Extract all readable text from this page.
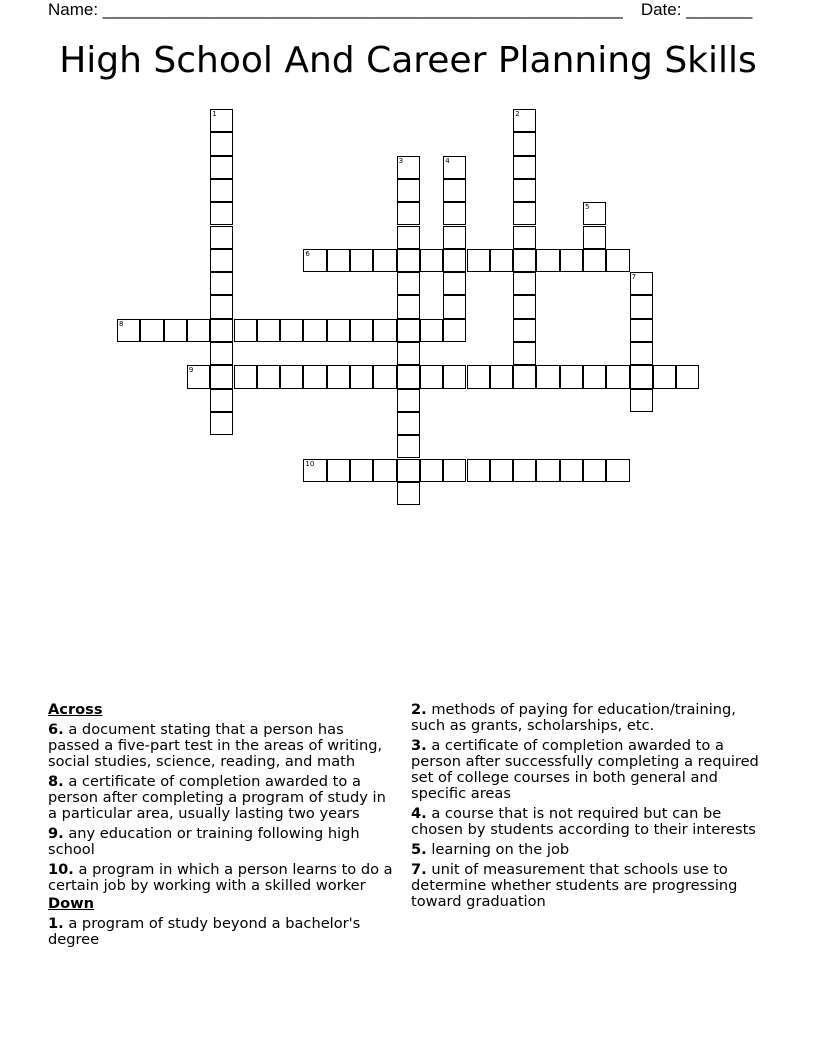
Name: _______________________________________________________ Date: _______
High School And Career Planning Skills
1	2
3	4
5
6
7
8
9
10
Across
6. a document stating that a person has passed a five-part test in the areas of writing, social studies, science, reading, and math
8. a certificate of completion awarded to a person after completing a program of study in a particular area, usually lasting two years
9. any education or training following high school
10. a program in which a person learns to do a certain job by working with a skilled worker
Down
1. a program of study beyond a bachelor's degree
2. methods of paying for education/training, such as grants, scholarships, etc.
3. a certificate of completion awarded to a person after successfully completing a required set of college courses in both general and specific areas
4. a course that is not required but can be chosen by students according to their interests
5. learning on the job
7. unit of measurement that schools use to determine whether students are progressing toward graduation
